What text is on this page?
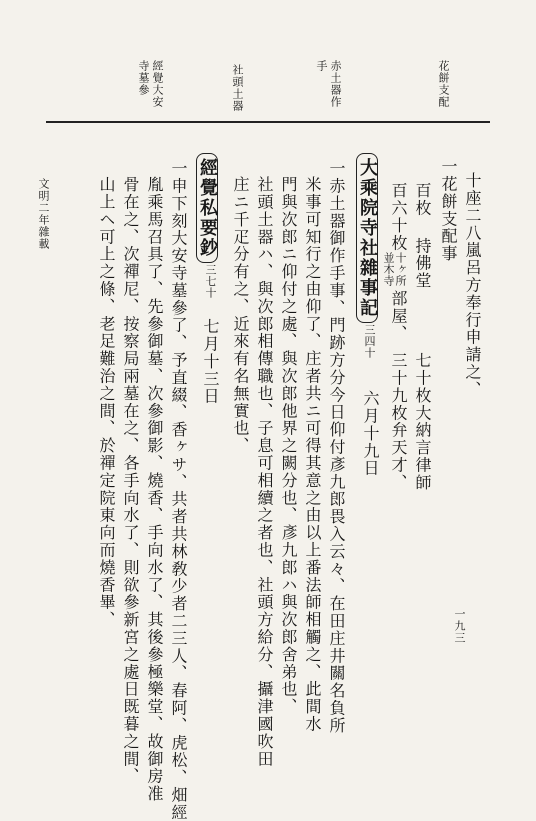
花餅支配
赤土器作
手
社頭土器
經覺大安
寺墓參
十座二八嵐呂方奉行申請之、
一花餅支配事
百枚 持佛堂
七十枚大納言律師
百六十枚
十ヶ所
並木寺
部屋、
三十九枚弁天才、
大乘院寺社雜事記
三四十
六月十九日
一赤土器御作手事、門跡方分今日仰付彥九郎畏入云々、在田庄井關名負所
米事可知行之由仰了、庄者共ニ可得其意之由以上番法師相觸之、此間水
門與次郎ニ仰付之處、與次郎他界之闕分也、彥九郎ハ與次郎舍弟也、
社頭土器ハ、與次郎相傳職也、子息可相續之者也、社頭方給分、攝津國吹田
庄ニ千疋分有之、近來有名無實也、
經覺私要鈔
三七十
七月十三日
一申下刻大安寺墓參了、予直綴、香ヶサ、共者共林敎少者二三人、春阿、虎松、畑經
胤乘馬召具了、先參御墓、次參御影、燒香、手向水了、其後參極樂堂、故御房准
骨在之、次禪尼、按察局兩墓在之、各手向水了、則欲參新宮之處日既暮之間、
山上ヘ可上之條、老足難治之間、於禪定院東向而燒香畢、
文明二年雜載
一九三
